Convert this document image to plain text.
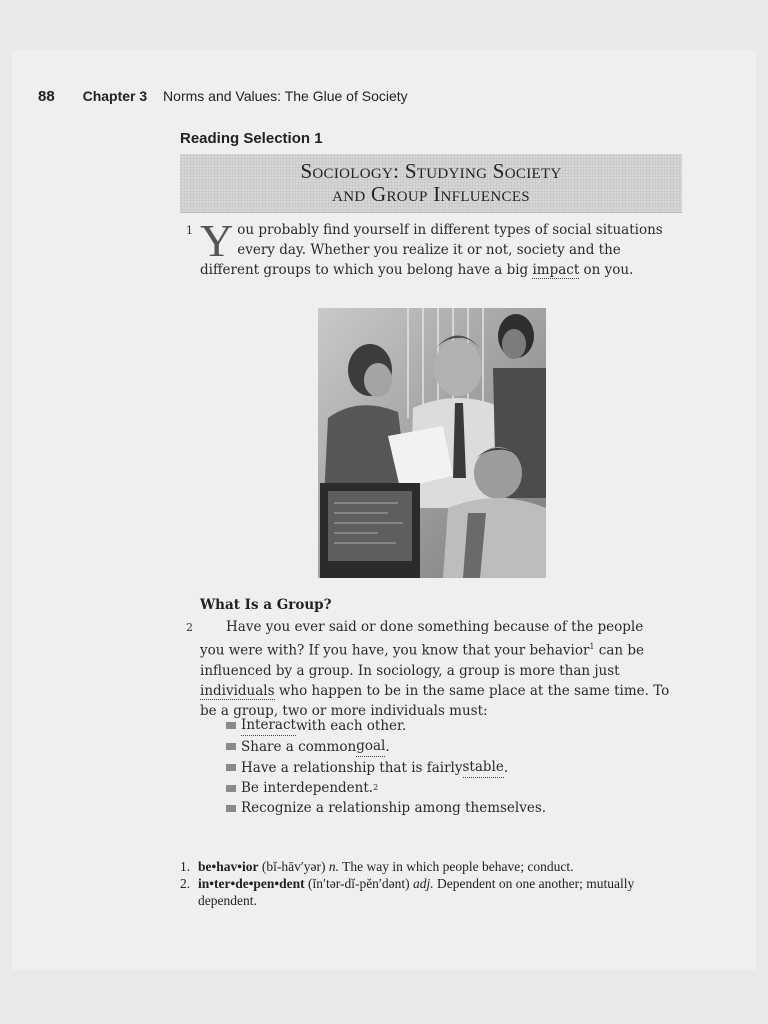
88 Chapter 3 Norms and Values: The Glue of Society
Reading Selection 1
Sociology: Studying Society
and Group Influences
1 You probably find yourself in different types of social situations every day. Whether you realize it or not, society and the different groups to which you belong have a big impact on you.
What Is a Group?
2	Have you ever said or done something because of the people you were with? If you have, you know that your behavior$^1$ can be influenced by a group. In sociology, a group is more than just individuals who happen to be in the same place at the same time. To be a group, two or more individuals must:
Interact with each other.
Share a common goal .
Have a relationship that is fairly stable .
Be interdependent. 2
Recognize a relationship among themselves.
1. be•hav•ior (bĭ-hāv′yər) n. The way in which people behave; conduct.
2. in•ter•de•pen•dent (ĭn′tər-dĭ-pĕn′dənt) adj. Dependent on one another; mutually dependent.
